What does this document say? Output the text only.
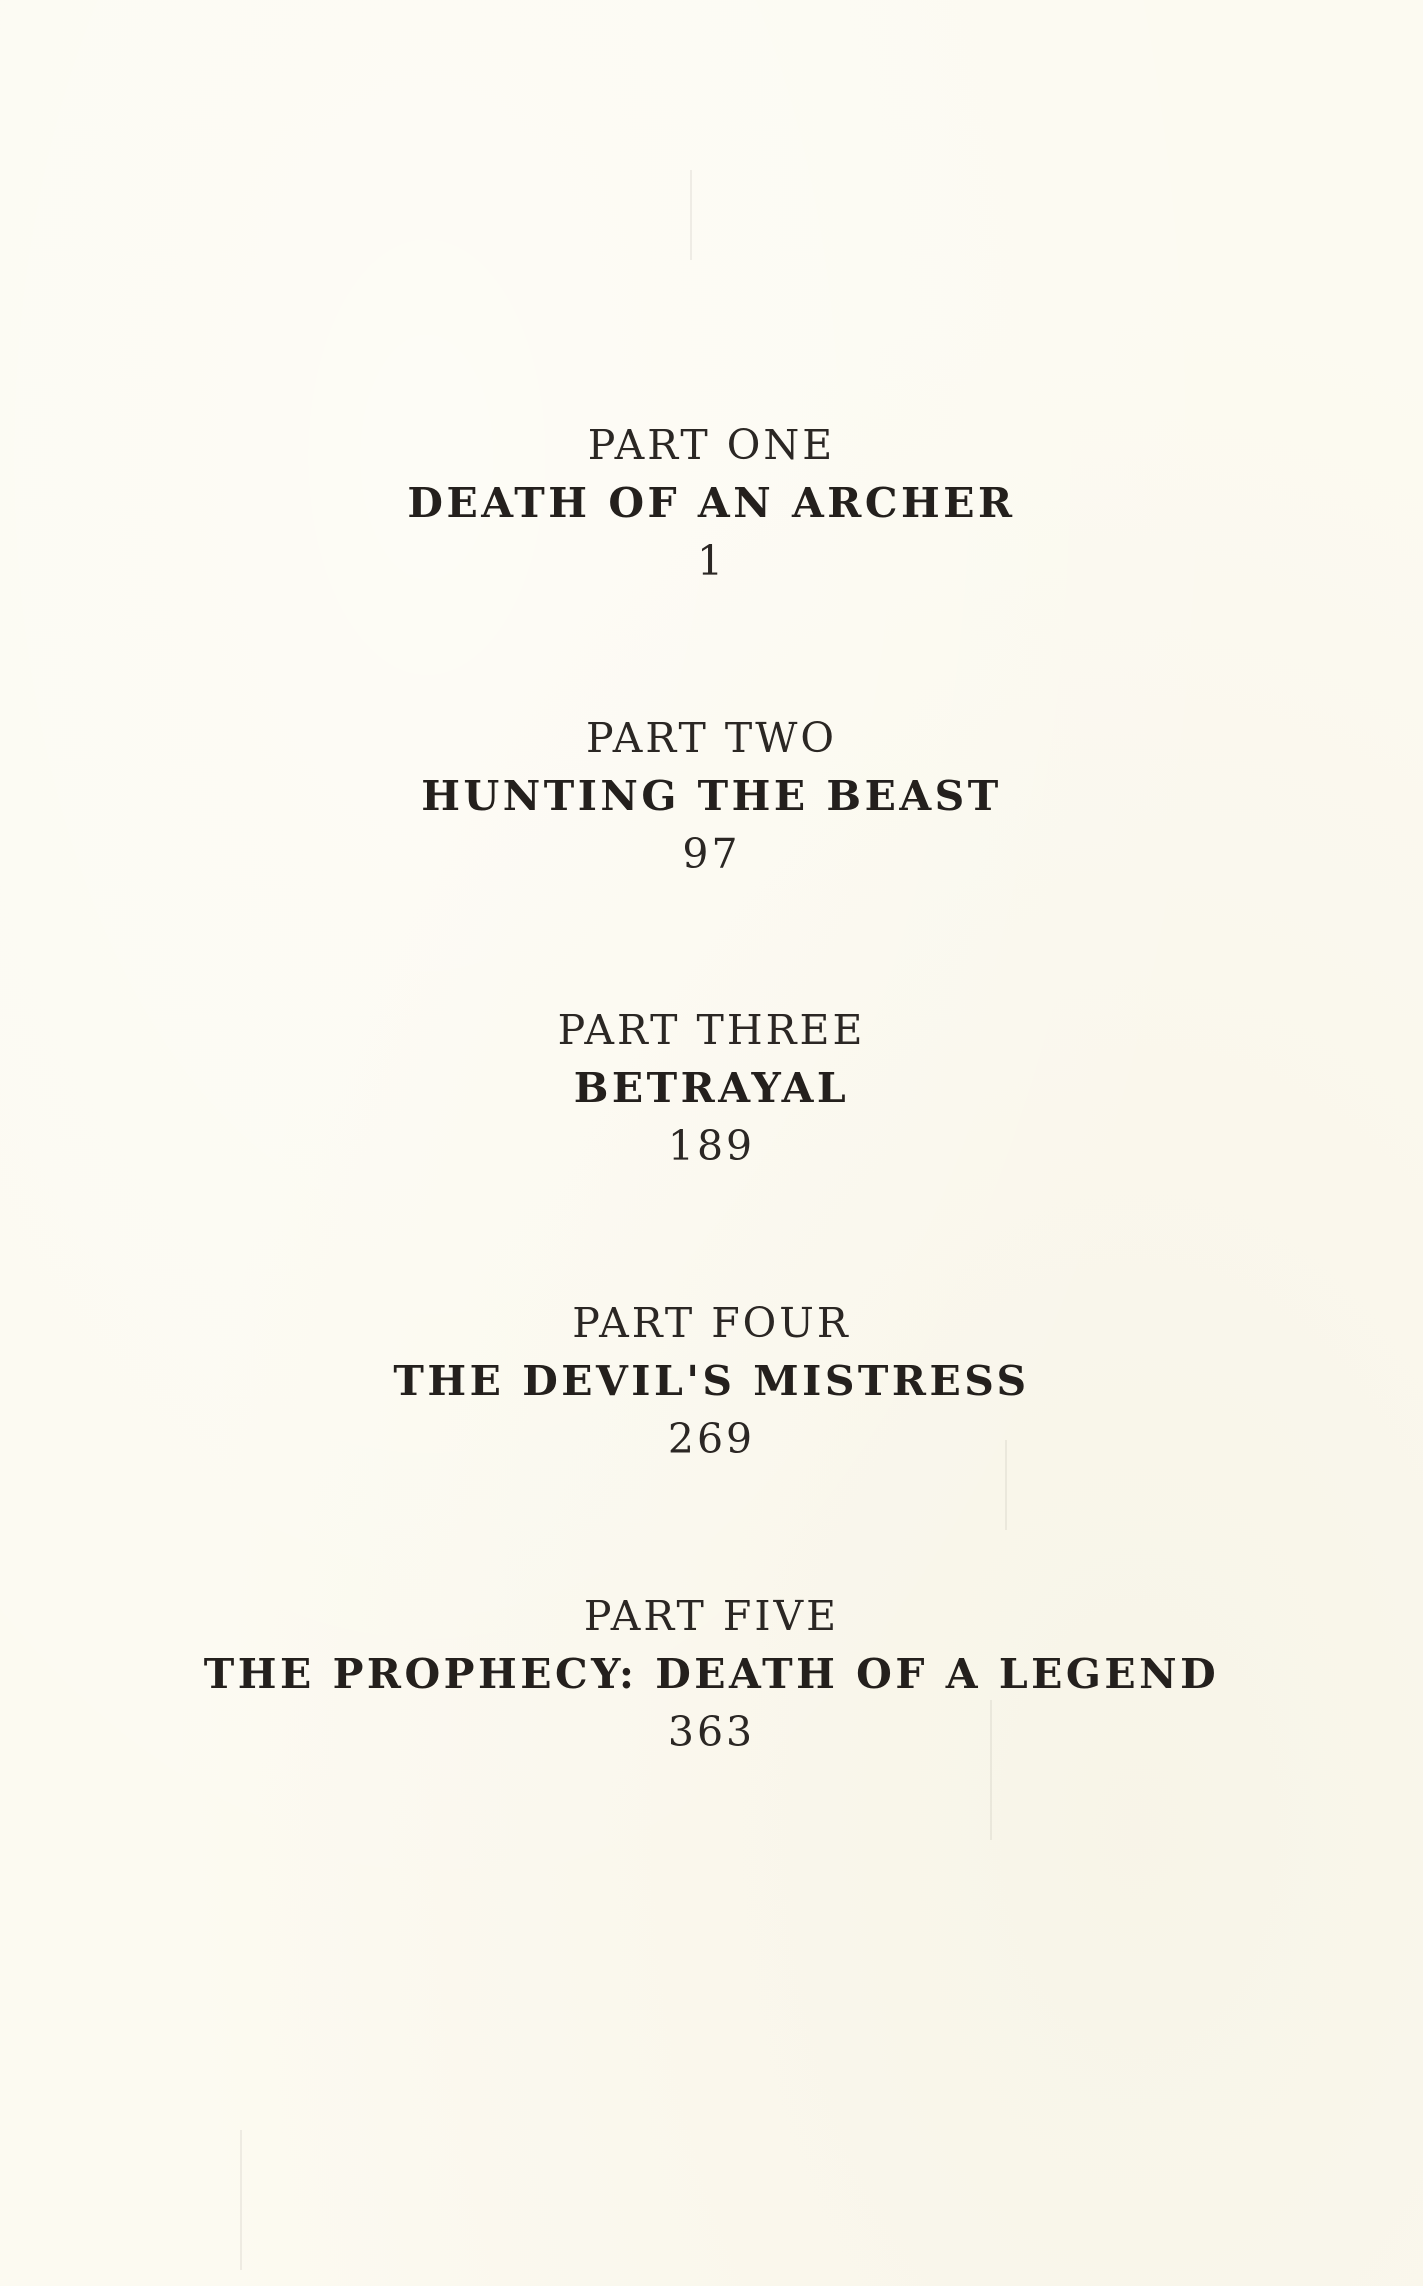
PART ONE
DEATH OF AN ARCHER
1
PART TWO
HUNTING THE BEAST
97
PART THREE
BETRAYAL
189
PART FOUR
THE DEVIL'S MISTRESS
269
PART FIVE
THE PROPHECY: DEATH OF A LEGEND
363
